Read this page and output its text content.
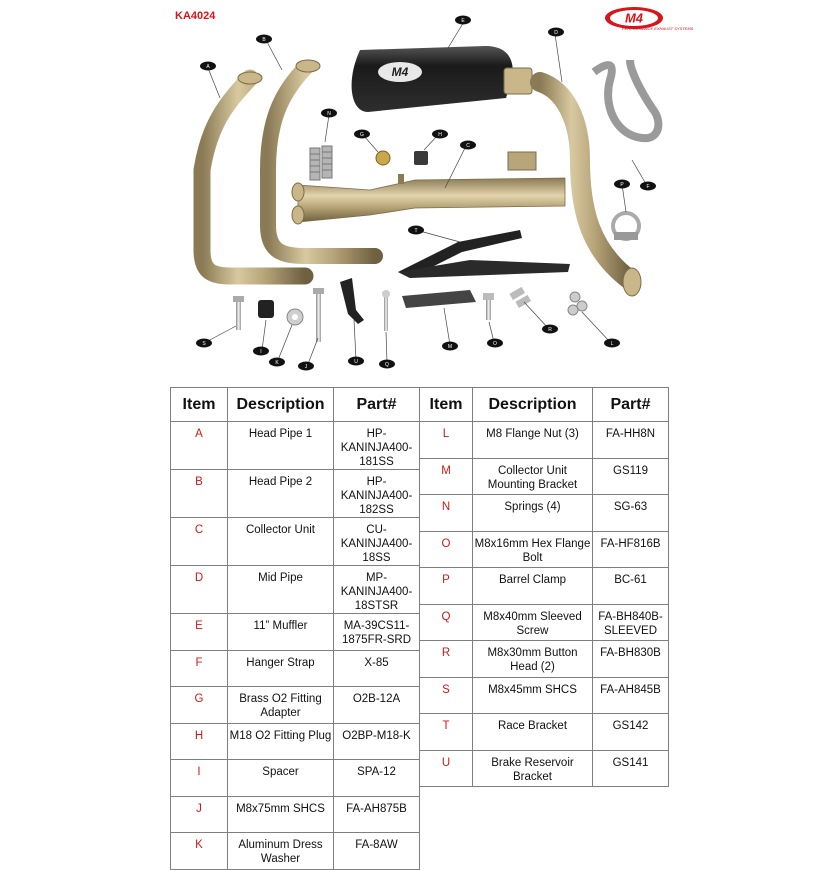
KA4024	M4
PERFORMANCE EXHAUST SYSTEMS
M4
A
B
C
D
E
F
G	H
I
J
K
L
M
N
O
P
Q
R
S
T
U
Item	Description	Part#
A	Head Pipe 1	HP-KANINJA400-181SS
B	Head Pipe 2	HP-KANINJA400-182SS
C	Collector Unit	CU-KANINJA400-18SS
D	Mid Pipe	MP-KANINJA400-18STSR
E	11” Muffler	MA-39CS11-1875FR-SRD
F	Hanger Strap	X-85
G	Brass O2 Fitting Adapter	O2B-12A
H	M18 O2 Fitting Plug	O2BP-M18-K
I	Spacer	SPA-12
J	M8x75mm SHCS	FA-AH875B
K	Aluminum Dress Washer	FA-8AW
Item	Description	Part#
L	M8 Flange Nut (3)	FA-HH8N
M	Collector Unit Mounting Bracket	GS119
N	Springs (4)	SG-63
O	M8x16mm Hex Flange Bolt	FA-HF816B
P	Barrel Clamp	BC-61
Q	M8x40mm Sleeved Screw	FA-BH840B-SLEEVED
R	M8x30mm Button Head (2)	FA-BH830B
S	M8x45mm SHCS	FA-AH845B
T	Race Bracket	GS142
U	Brake Reservoir Bracket	GS141
